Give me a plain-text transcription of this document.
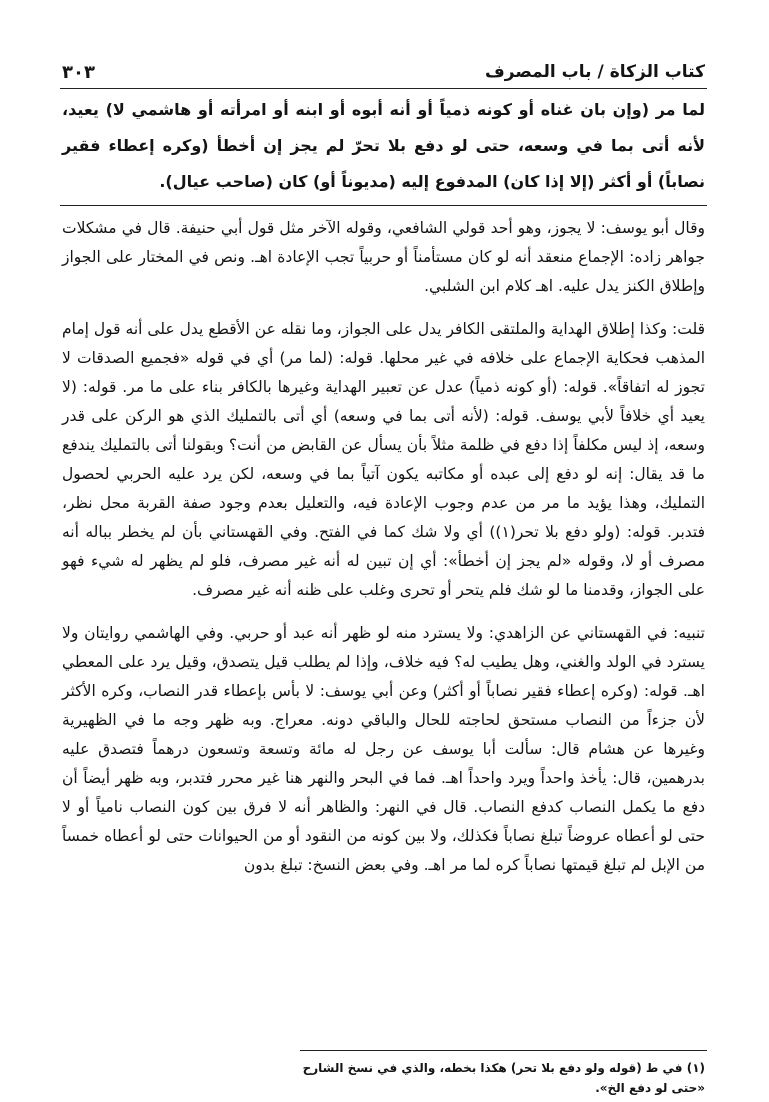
كتاب الزكاة
/
باب المصرف
٣٠٣

لما مر (وإن بان غناه أو كونه ذمياً أو أنه أبوه أو ابنه أو امرأته أو هاشمي لا) يعيد، لأنه أتى بما في وسعه، حتى لو دفع بلا تحرّ لم يجز إن أخطأ (وكره إعطاء فقير نصاباً) أو أكثر (إلا إذا كان) المدفوع إليه (مديوناً أو) كان (صاحب عيال).

وقال أبو يوسف: لا يجوز، وهو أحد قولي الشافعي، وقوله الآخر مثل قول أبي حنيفة. قال في مشكلات جواهر زاده: الإجماع منعقد أنه لو كان مستأمناً أو حربياً تجب الإعادة اهـ. ونص في المختار على الجواز وإطلاق الكنز يدل عليه. اهـ كلام ابن الشلبي.

قلت: وكذا إطلاق الهداية والملتقى الكافر يدل على الجواز، وما نقله عن الأقطع يدل على أنه قول إمام المذهب فحكاية الإجماع على خلافه في غير محلها. قوله: (لما مر) أي في قوله «فجميع الصدقات لا تجوز له اتفاقاً». قوله: (أو كونه ذمياً) عدل عن تعبير الهداية وغيرها بالكافر بناء على ما مر. قوله: (لا يعيد أي خلافاً لأبي يوسف. قوله: (لأنه أتى بما في وسعه) أي أتى بالتمليك الذي هو الركن على قدر وسعه، إذ ليس مكلفاً إذا دفع في ظلمة مثلاً بأن يسأل عن القابض من أنت؟ وبقولنا أتى بالتمليك يندفع ما قد يقال: إنه لو دفع إلى عبده أو مكاتبه يكون آتياً بما في وسعه، لكن يرد عليه الحربي لحصول التمليك، وهذا يؤيد ما مر من عدم وجوب الإعادة فيه، والتعليل بعدم وجود صفة القربة محل نظر، فتدبر. قوله: (ولو دفع بلا تحر(١)) أي ولا شك كما في الفتح. وفي القهستاني بأن لم يخطر بباله أنه مصرف أو لا، وقوله «لم يجز إن أخطأ»: أي إن تبين له أنه غير مصرف، فلو لم يظهر له شيء فهو على الجواز، وقدمنا ما لو شك فلم يتحر أو تحرى وغلب على ظنه أنه غير مصرف.

تنبيه: في القهستاني عن الزاهدي: ولا يسترد منه لو ظهر أنه عبد أو حربي. وفي الهاشمي روايتان ولا يسترد في الولد والغني، وهل يطيب له؟ فيه خلاف، وإذا لم يطلب قيل يتصدق، وقيل يرد على المعطي اهـ. قوله: (وكره إعطاء فقير نصاباً أو أكثر) وعن أبي يوسف: لا بأس بإعطاء قدر النصاب، وكره الأكثر لأن جزءاً من النصاب مستحق لحاجته للحال والباقي دونه. معراج. وبه ظهر وجه ما في الظهيرية وغيرها عن هشام قال: سألت أبا يوسف عن رجل له مائة وتسعة وتسعون درهماً فتصدق عليه بدرهمين، قال: يأخذ واحداً ويرد واحداً اهـ. فما في البحر والنهر هنا غير محرر فتدبر، وبه ظهر أيضاً أن دفع ما يكمل النصاب كدفع النصاب. قال في النهر: والظاهر أنه لا فرق بين كون النصاب نامياً أو لا حتى لو أعطاه عروضاً تبلغ نصاباً فكذلك، ولا بين كونه من النقود أو من الحيوانات حتى لو أعطاه خمساً من الإبل لم تبلغ قيمتها نصاباً كره لما مر اهـ. وفي بعض النسخ: تبلغ بدون

(١) في ط (قوله ولو دفع بلا تحر) هكذا بخطه، والذي في نسخ الشارح «حتى لو دفع الخ».
